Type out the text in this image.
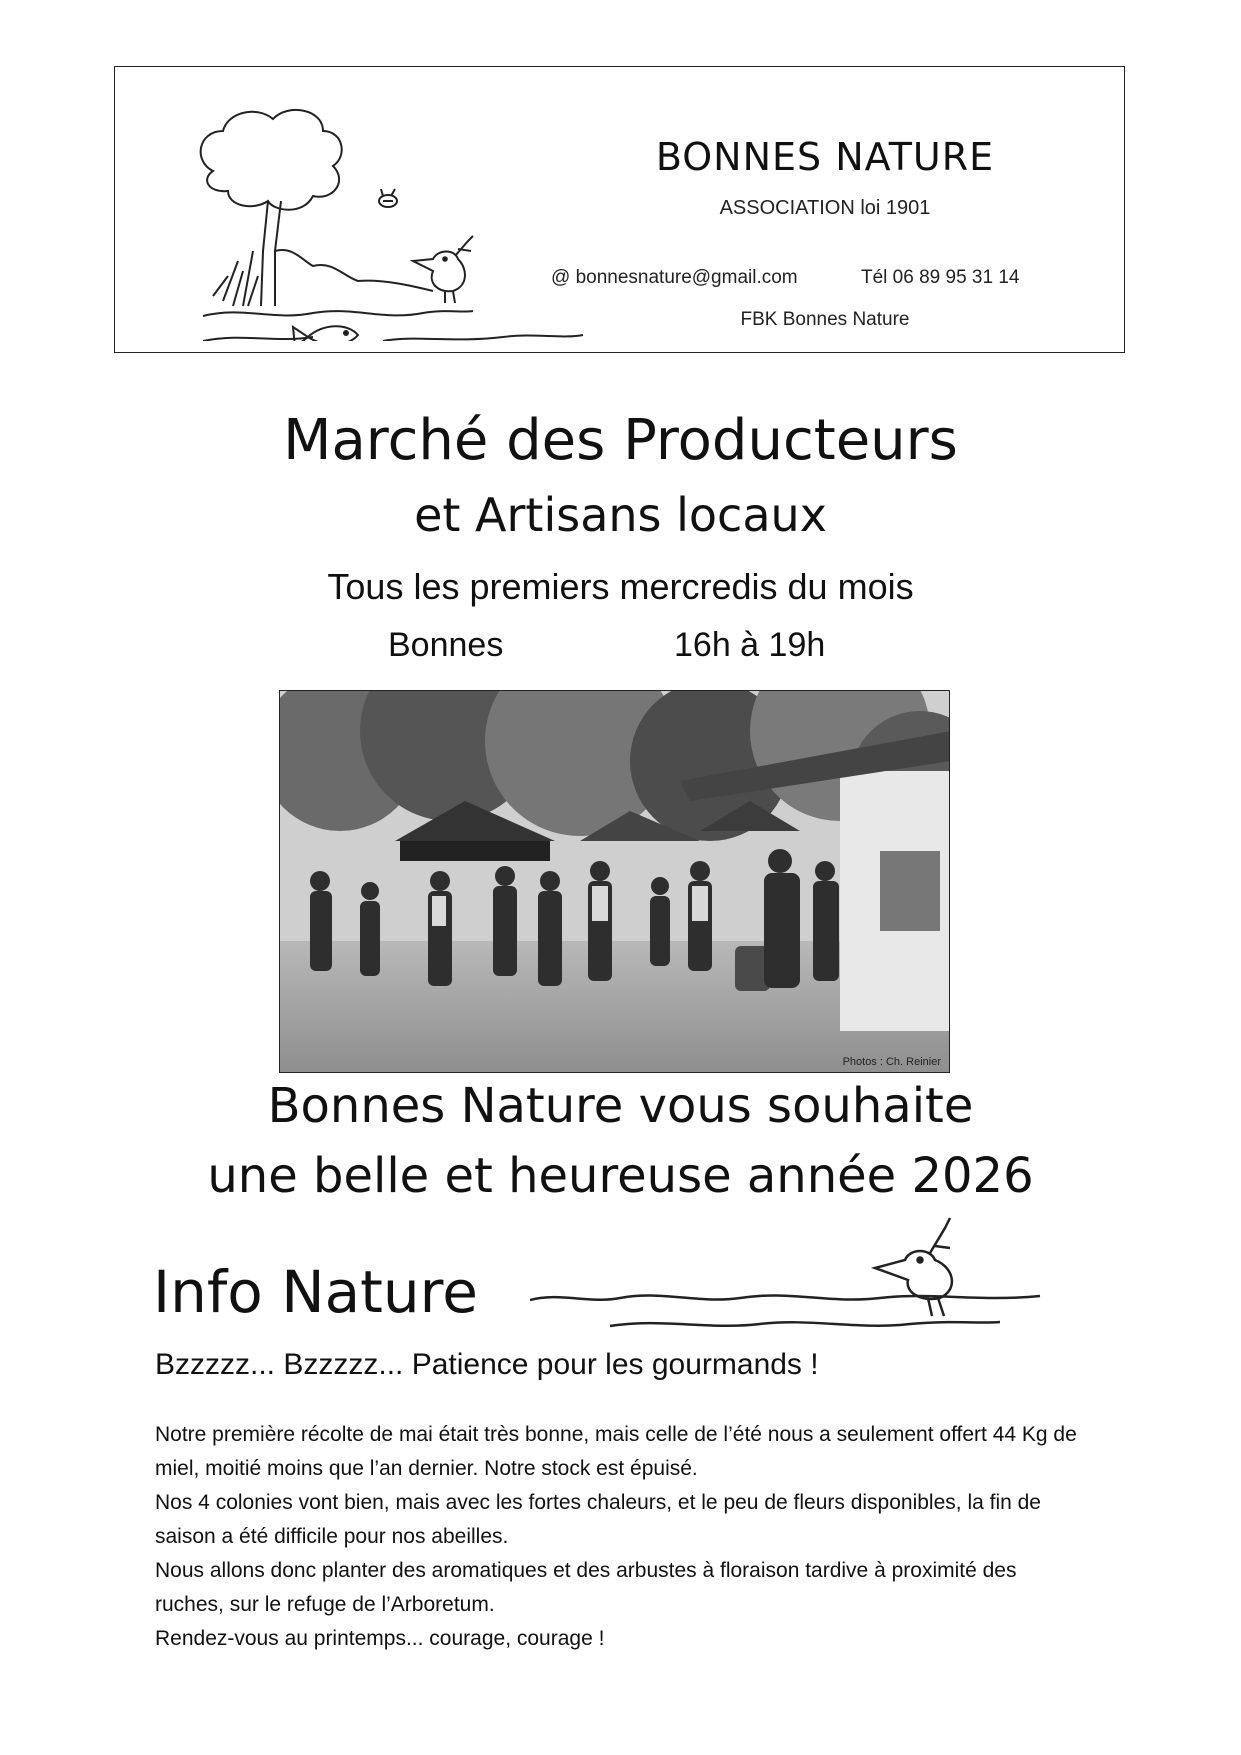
BONNES NATURE
ASSOCIATION loi 1901
@ bonnesnature@gmail.com	Tél 06 89 95 31 14
FBK Bonnes Nature
Marché des Producteurs
et Artisans locaux
Tous les premiers mercredis du mois
Bonnes	16h à 19h
Photos : Ch. Reinier
Bonnes Nature vous souhaite
une belle et heureuse année 2026
Info Nature
Bzzzzz... Bzzzzz... Patience pour les gourmands !

Notre première récolte de mai était très bonne, mais celle de l’été nous a seulement offert 44 Kg de miel, moitié moins que l’an dernier. Notre stock est épuisé.

Nos 4 colonies vont bien, mais avec les fortes chaleurs, et le peu de fleurs disponibles, la fin de saison a été difficile pour nos abeilles.

Nous allons donc planter des aromatiques et des arbustes à floraison tardive à proximité des ruches, sur le refuge de l’Arboretum.

Rendez-vous au printemps... courage, courage !
